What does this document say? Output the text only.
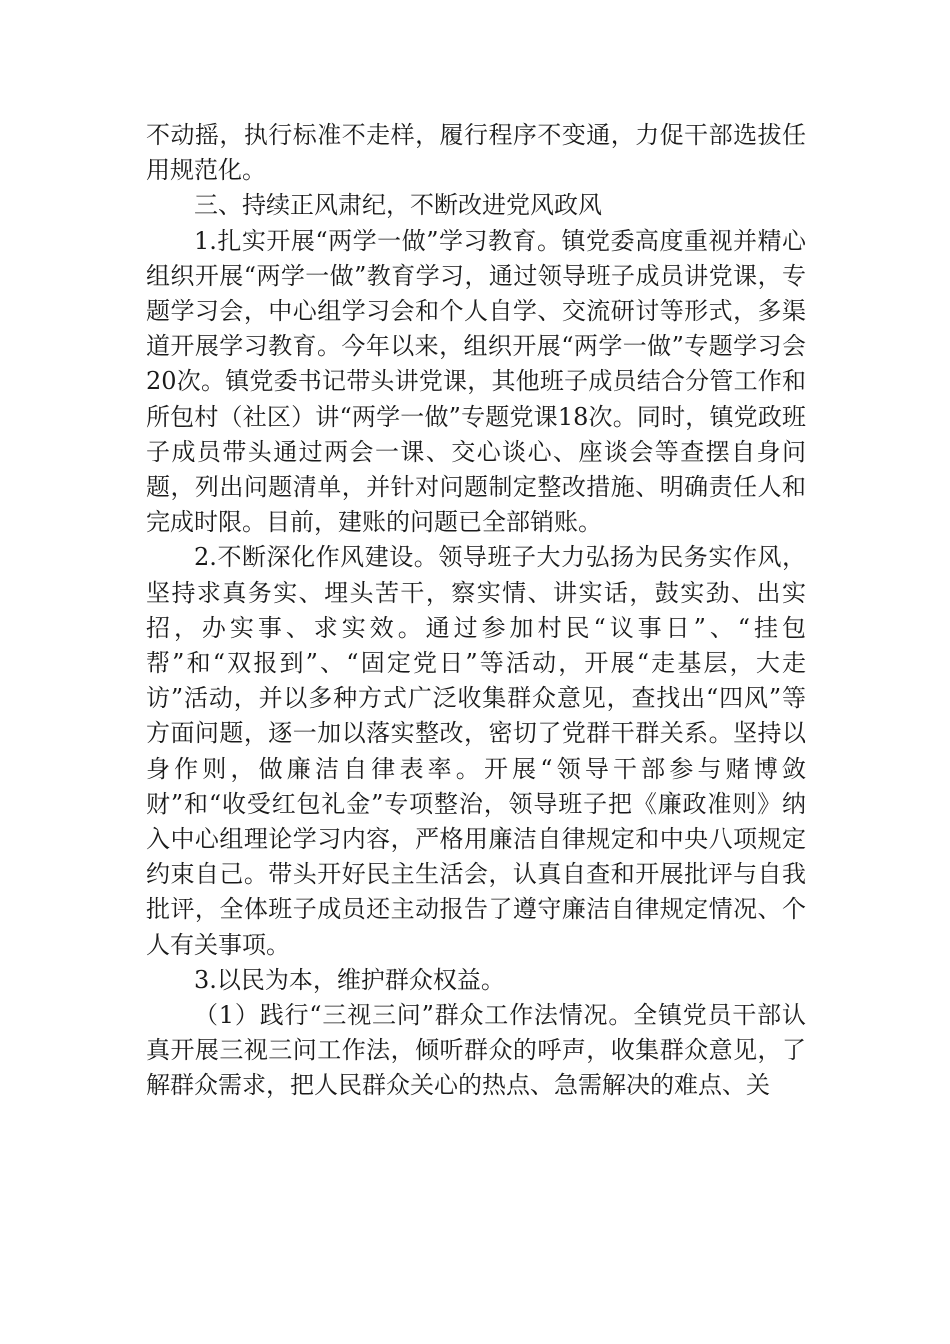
不动摇，执行标准不走样，履行程序不变通，力促干部选拔任用规范化。

三、持续正风肃纪，不断改进党风政风

1.扎实开展“两学一做”学习教育。镇党委高度重视并精心组织开展“两学一做”教育学习，通过领导班子成员讲党课，专题学习会，中心组学习会和个人自学、交流研讨等形式，多渠道开展学习教育。今年以来，组织开展“两学一做”专题学习会20次。镇党委书记带头讲党课，其他班子成员结合分管工作和所包村（社区）讲“两学一做”专题党课18次。同时，镇党政班子成员带头通过两会一课、交心谈心、座谈会等查摆自身问题，列出问题清单，并针对问题制定整改措施、明确责任人和完成时限。目前，建账的问题已全部销账。

2.不断深化作风建设。领导班子大力弘扬为民务实作风，坚持求真务实、埋头苦干，察实情、讲实话，鼓实劲、出实招，办实事、求实效。通过参加村民“议事日”、“挂包帮”和“双报到”、“固定党日”等活动，开展“走基层，大走访”活动，并以多种方式广泛收集群众意见，查找出“四风”等方面问题，逐一加以落实整改，密切了党群干群关系。坚持以身作则，做廉洁自律表率。开展“领导干部参与赌博敛财”和“收受红包礼金”专项整治，领导班子把《廉政准则》纳入中心组理论学习内容，严格用廉洁自律规定和中央八项规定约束自己。带头开好民主生活会，认真自查和开展批评与自我批评，全体班子成员还主动报告了遵守廉洁自律规定情况、个人有关事项。

3.以民为本，维护群众权益。

（1）践行“三视三问”群众工作法情况。全镇党员干部认真开展三视三问工作法，倾听群众的呼声，收集群众意见，了解群众需求，把人民群众关心的热点、急需解决的难点、关
